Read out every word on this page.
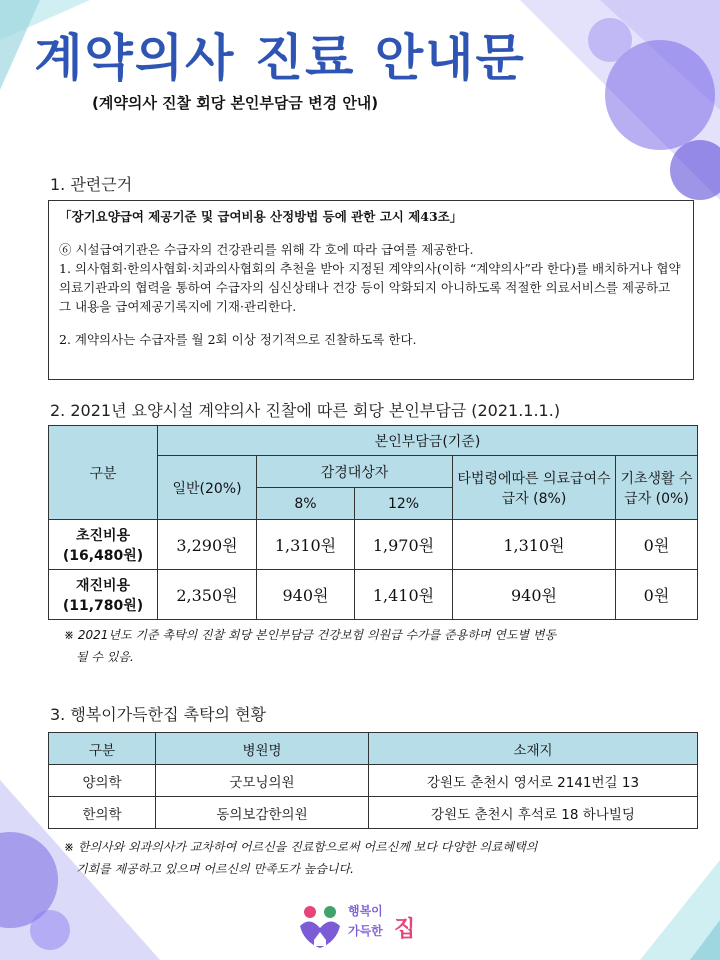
계약의사 진료 안내문
(계약의사 진찰 회당 본인부담금 변경 안내)
1. 관련근거
「장기요양급여 제공기준 및 급여비용 산정방법 등에 관한 고시 제43조」

⑥ 시설급여기관은 수급자의 건강관리를 위해 각 호에 따라 급여를 제공한다.

1. 의사협회·한의사협회·치과의사협회의 추천을 받아 지정된 계약의사(이하 “계약의사”라 한다)를 배치하거나 협약의료기관과의 협력을 통하여 수급자의 심신상태나 건강 등이 악화되지 아니하도록 적절한 의료서비스를 제공하고 그 내용을 급여제공기록지에 기재·관리한다.

2. 계약의사는 수급자를 월 2회 이상 정기적으로 진찰하도록 한다.

2. 2021년 요양시설 계약의사 진찰에 따른 회당 본인부담금 (2021.1.1.)
구분	본인부담금(기준)				
	일반(20%)	감경대상자		타법령에따른 의료급여수급자 (8%)	기초생활 수급자 (0%)
		8%	12%		
초진비용 (16,480원)	3,290원	1,310원	1,970원	1,310원	0원
재진비용 (11,780원)	2,350원	940원	1,410원	940원	0원
※ 2021년도 기준 촉탁의 진찰 회당 본인부담금 건강보험 의원급 수가를 준용하며 연도별 변동
될 수 있음.
3. 행복이가득한집 촉탁의 현황
구분	병원명	소재지
양의학	굿모닝의원	강원도 춘천시 영서로 2141번길 13
한의학	동의보감한의원	강원도 춘천시 후석로 18 하나빌딩
※ 한의사와 외과의사가 교차하여 어르신을 진료함으로써 어르신께 보다 다양한 의료혜택의
기회를 제공하고 있으며 어르신의 만족도가 높습니다.
행복이
가득한 집
